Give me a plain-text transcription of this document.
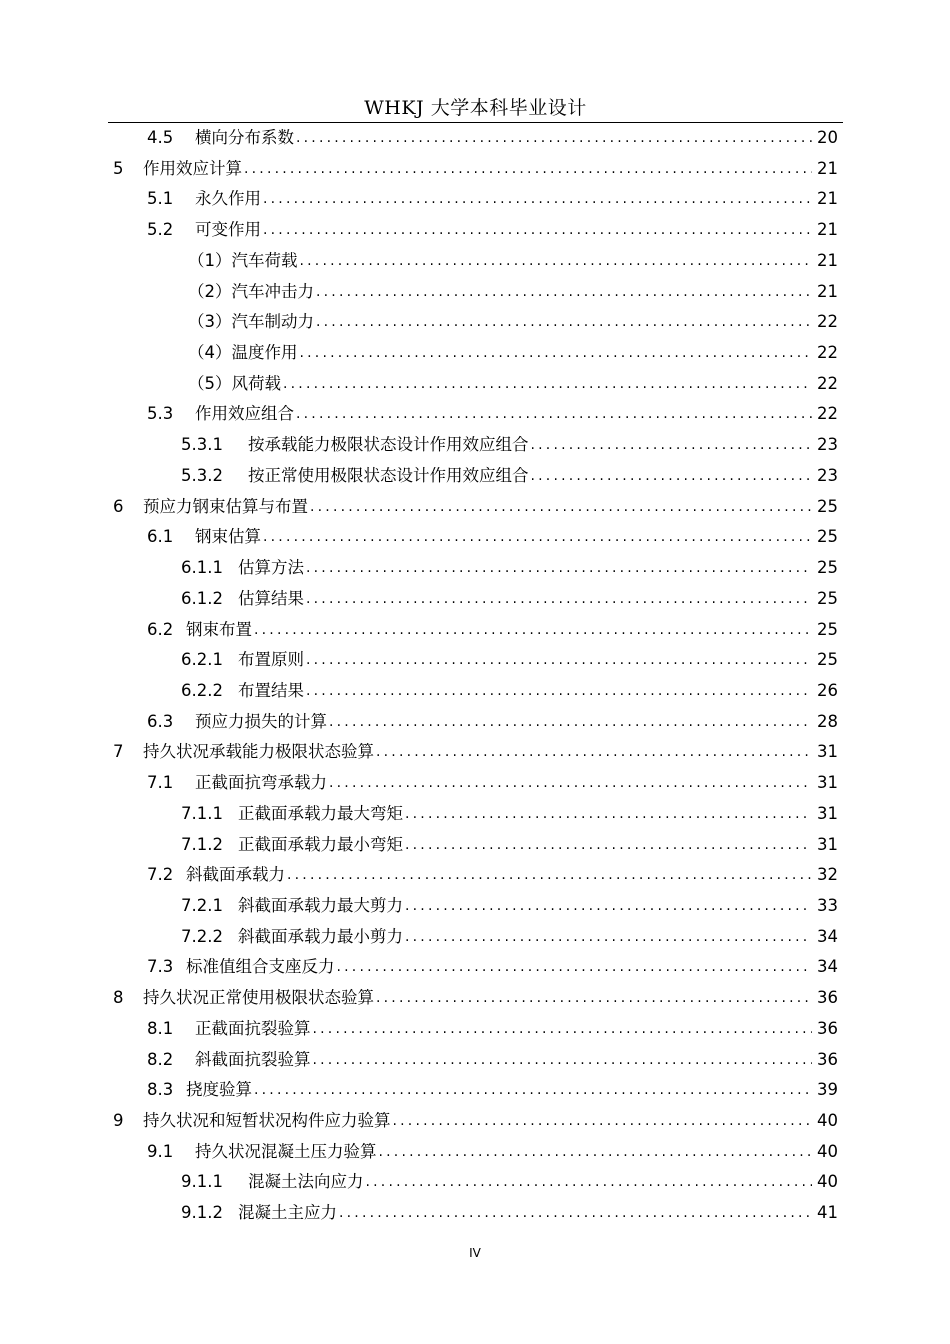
WHKJ 大学本科毕业设计
4.5	横向分布系数 .....	20
5	作用效应计算 .....	21
5.1	永久作用 .....	21
5.2	可变作用 .....	21
（1）汽车荷载 .....	21
（2）汽车冲击力 .....	21
（3）汽车制动力 .....	22
（4）温度作用 .....	22
（5）风荷载 .....	22
5.3	作用效应组合 .....	22
5.3.1	按承载能力极限状态设计作用效应组合 .....	23
5.3.2	按正常使用极限状态设计作用效应组合 .....	23
6	预应力钢束估算与布置 .....	25
6.1	钢束估算 .....	25
6.1.1 估算方法 .....	25
6.1.2 估算结果 .....	25
6.2 钢束布置 .....	25
6.2.1 布置原则 .....	25
6.2.2 布置结果 .....	26
6.3	预应力损失的计算 .....	28
7	持久状况承载能力极限状态验算 .....	31
7.1	正截面抗弯承载力 .....	31
7.1.1 正截面承载力最大弯矩 .....	31
7.1.2 正截面承载力最小弯矩 .....	31
7.2 斜截面承载力 .....	32
7.2.1 斜截面承载力最大剪力 .....	33
7.2.2 斜截面承载力最小剪力 .....	34
7.3 标准值组合支座反力 .....	34
8	持久状况正常使用极限状态验算 .....	36
8.1	正截面抗裂验算 .....	36
8.2	斜截面抗裂验算 .....	36
8.3 挠度验算 .....	39
9	持久状况和短暂状况构件应力验算 .....	40
9.1	持久状况混凝土压力验算 .....	40
9.1.1	混凝土法向应力 .....	40
9.1.2 混凝土主应力 .....	41
IV
